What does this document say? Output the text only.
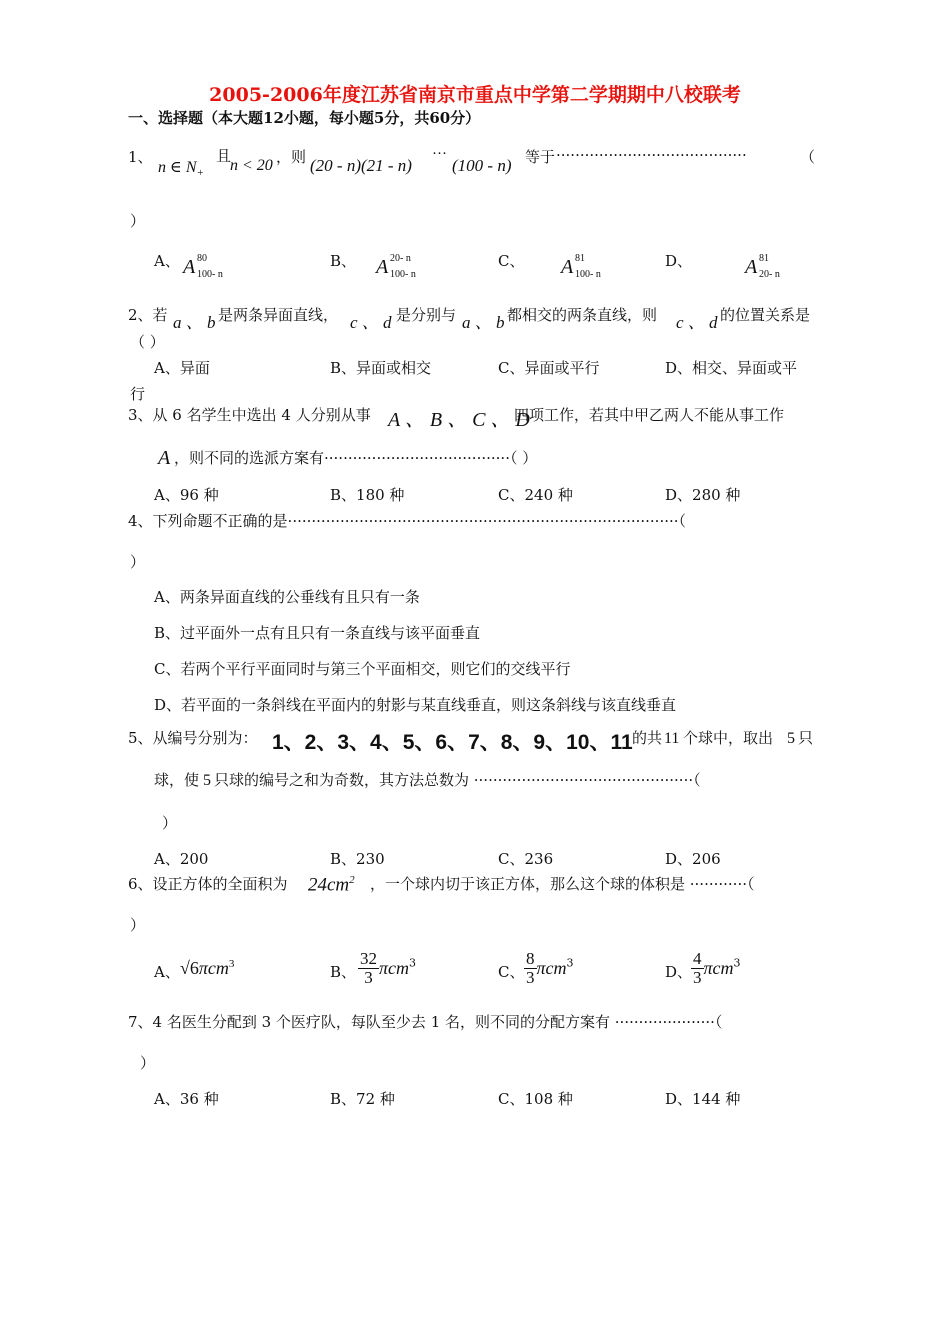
2005-2006年度江苏省南京市重点中学第二学期期中八校联考
一、选择题（本大题12小题，每小题5分，共60分）
1、
n ∈ $N_+$
且
n < 20 ，则 (20 - n)(21 - n)
···
(100 - n) 等于 ········································	（
）
A、 A 80
100- n

B、 A 20- n
100- n

C、 A 81
100- n

D、	A 81
20- n
2、若 a 、 b 是两条异面直线， c 、 d 是分别与 a 、 b 都相交的两条直线，则 c 、 d 的位置关系是
（ ）
A、异面	B、异面或相交	C、异面或平行	D、相交、异面或平
行
3、从 6 名学生中选出 4 人分别从事 A 、 B 、 C 、 D
四项工作，若其中甲乙两人不能从事工作
A ，则不同的选派方案有·······································（ ）
A、96 种	B、180 种	C、240 种	D、280 种
4、下列命题不正确的是··················································································（
）
A、两条异面直线的公垂线有且只有一条
B、过平面外一点有且只有一条直线与该平面垂直
C、若两个平行平面同时与第三个平面相交，则它们的交线平行
D、若平面的一条斜线在平面内的射影与某直线垂直，则这条斜线与该直线垂直
5、从编号分别为： 1、2、3、4、5、6、7、8、9、10、11 的共 11 个球中，取出 5 只
球，使 5 只球的编号之和为奇数，其方法总数为 ··············································（
）
A、200	B、230	C、236	D、206
6、设正方体的全面积为 $24cm^2$ ，一个球内切于该正方体，那么这个球的体积是 ············（
）
A、 √6πcm$^3$	B、 $\frac{32}{3} \pi cm^3$	C、 $\frac{8}{3} \pi cm^3$	D、
$\frac{4}{3} \pi cm^3$
7、4 名医生分配到 3 个医疗队，每队至少去 1 名，则不同的分配方案有 ·····················（
）
A、36 种	B、72 种	C、108 种	D、144 种
